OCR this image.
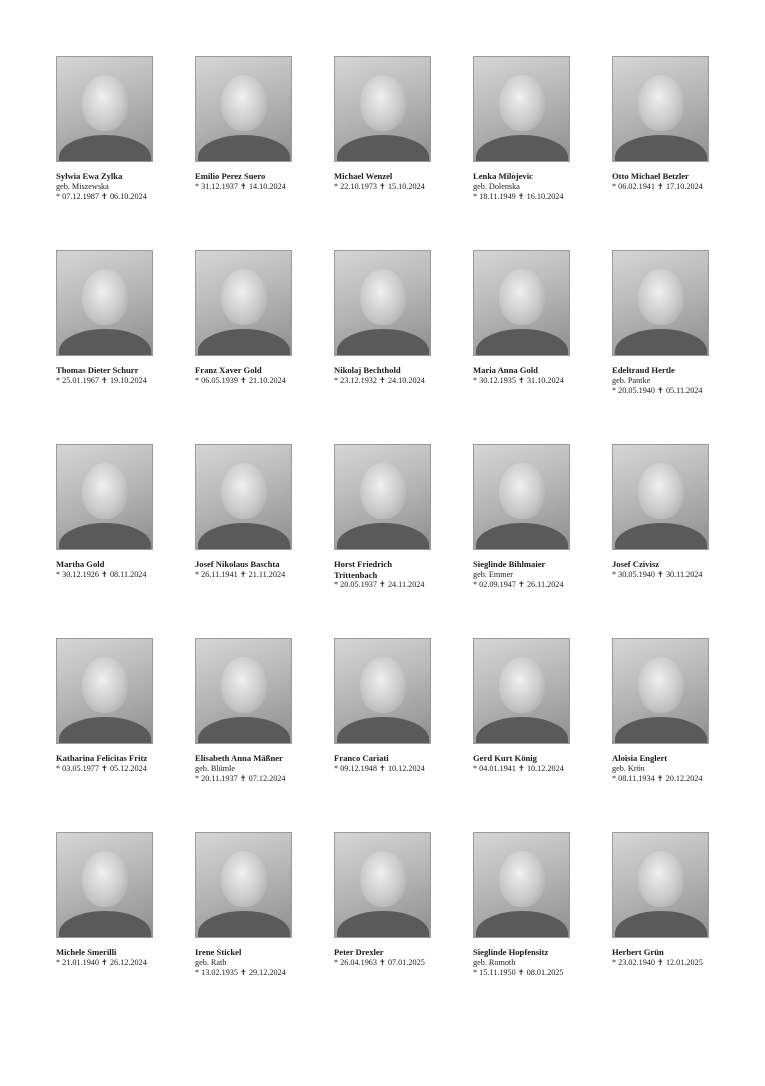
Sylwia Ewa Zylka
geb. Miszewska
* 07.12.1987 ✝ 06.10.2024
Emilio Perez Suero
* 31.12.1937 ✝ 14.10.2024
Michael Wenzel
* 22.10.1973 ✝ 15.10.2024
Lenka Milojevic
geb. Dolenska
* 18.11.1949 ✝ 16.10.2024
Otto Michael Betzler
* 06.02.1941 ✝ 17.10.2024
Thomas Dieter Schurr
* 25.01.1967 ✝ 19.10.2024
Franz Xaver Gold
* 06.05.1939 ✝ 21.10.2024
Nikolaj Bechthold
* 23.12.1932 ✝ 24.10.2024
Maria Anna Gold
* 30.12.1935 ✝ 31.10.2024
Edeltraud Hertle
geb. Pantke
* 20.05.1940 ✝ 05.11.2024
Martha Gold
* 30.12.1926 ✝ 08.11.2024
Josef Nikolaus Baschta
* 26.11.1941 ✝ 21.11.2024
Horst Friedrich
Trittenbach
* 20.05.1937 ✝ 24.11.2024
Sieglinde Bihlmaier
geb. Emmer
* 02.09.1947 ✝ 26.11.2024
Josef Czivisz
* 30.05.1940 ✝ 30.11.2024
Katharina Felicitas Fritz
* 03.05.1977 ✝ 05.12.2024
Elisabeth Anna Mäßner
geb. Blümle
* 20.11.1937 ✝ 07.12.2024
Franco Cariati
* 09.12.1948 ✝ 10.12.2024
Gerd Kurt König
* 04.01.1941 ✝ 10.12.2024
Aloisia Englert
geb. Krön
* 08.11.1934 ✝ 20.12.2024
Michele Smerilli
* 21.01.1940 ✝ 26.12.2024
Irene Stickel
geb. Rath
* 13.02.1935 ✝ 29.12.2024
Peter Drexler
* 26.04.1963 ✝ 07.01.2025
Sieglinde Hopfensitz
geb. Romoth
* 15.11.1950 ✝ 08.01.2025
Herbert Grün
* 23.02.1940 ✝ 12.01.2025
